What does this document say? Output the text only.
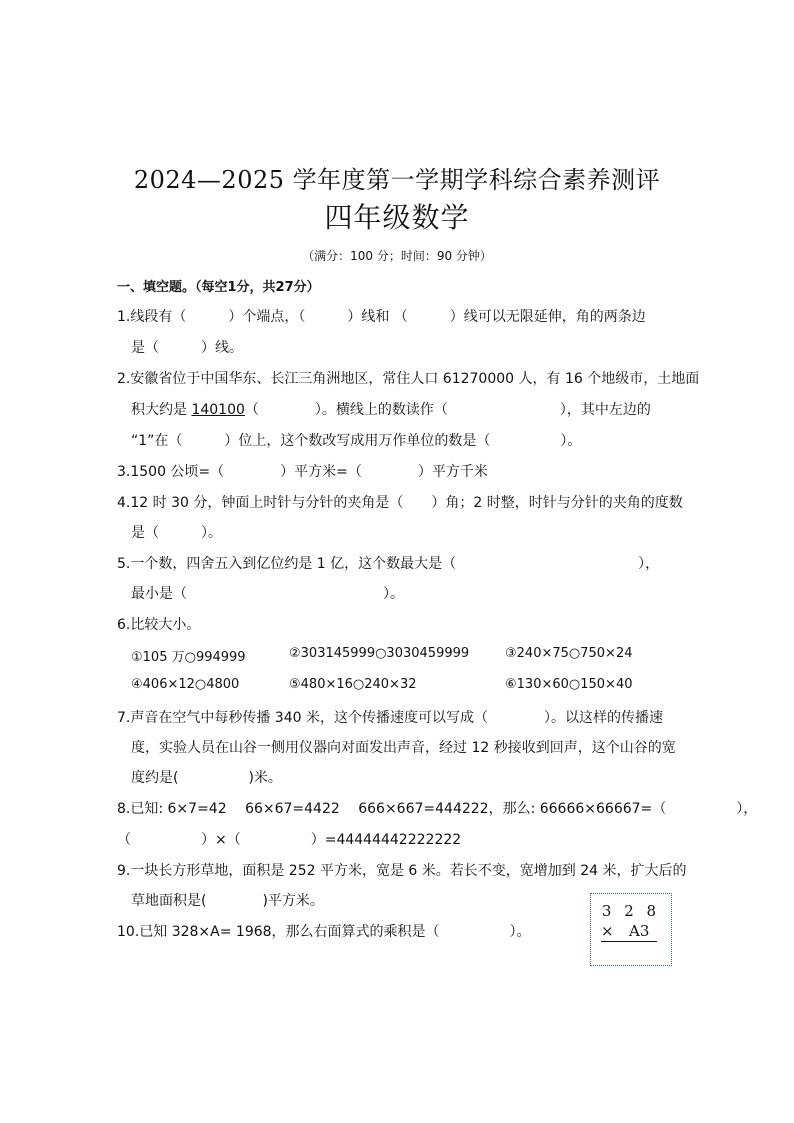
2024—2025 学年度第一学期学科综合素养测评
四年级数学
（满分：100 分；时间：90 分钟）
一、填空题。（每空1分，共27分）
1.线段有（　　　）个端点，（　　　）线和 （　　　）线可以无限延伸，角的两条边
是（　　　）线。
2.安徽省位于中国华东、长江三角洲地区，常住人口 61270000 人，有 16 个地级市，土地面
积大约是 140100（　　　　）。横线上的数读作（　　　　　　　　），其中左边的
“1”在（　　　）位上，这个数改写成用万作单位的数是（　　　　　）。
3.1500 公顷=（　　　　）平方米=（　　　　）平方千米
4.12 时 30 分，钟面上时针与分针的夹角是（　　）角；2 时整，时针与分针的夹角的度数
是（　　　）。
5.一个数，四舍五入到亿位约是 1 亿，这个数最大是（　　　　　　　　　　　　　），
最小是（　　　　　　　　　　　　　　）。
6.比较大小。
①105 万○994999	②303145999○3030459999	③240×75○750×24
④406×12○4800	⑤480×16○240×32	⑥130×60○150×40
7.声音在空气中每秒传播 340 米，这个传播速度可以写成（　　　　）。以这样的传播速
度，实验人员在山谷一侧用仪器向对面发出声音，经过 12 秒接收到回声，这个山谷的宽
度约是(　　　　　)米。
8.已知: 6×7=42　 66×67=4422　 666×667=444222，那么: 66666×66667=（　　　　　），
（　　　　　）×（　　　　　）=44444442222222
9.一块长方形草地，面积是 252 平方米，宽是 6 米。若长不变，宽增加到 24 米，扩大后的
草地面积是(　　　　)平方米。
10.已知 328×A= 1968，那么右面算式的乘积是（　　　　　）。
3 2 8
× A3
